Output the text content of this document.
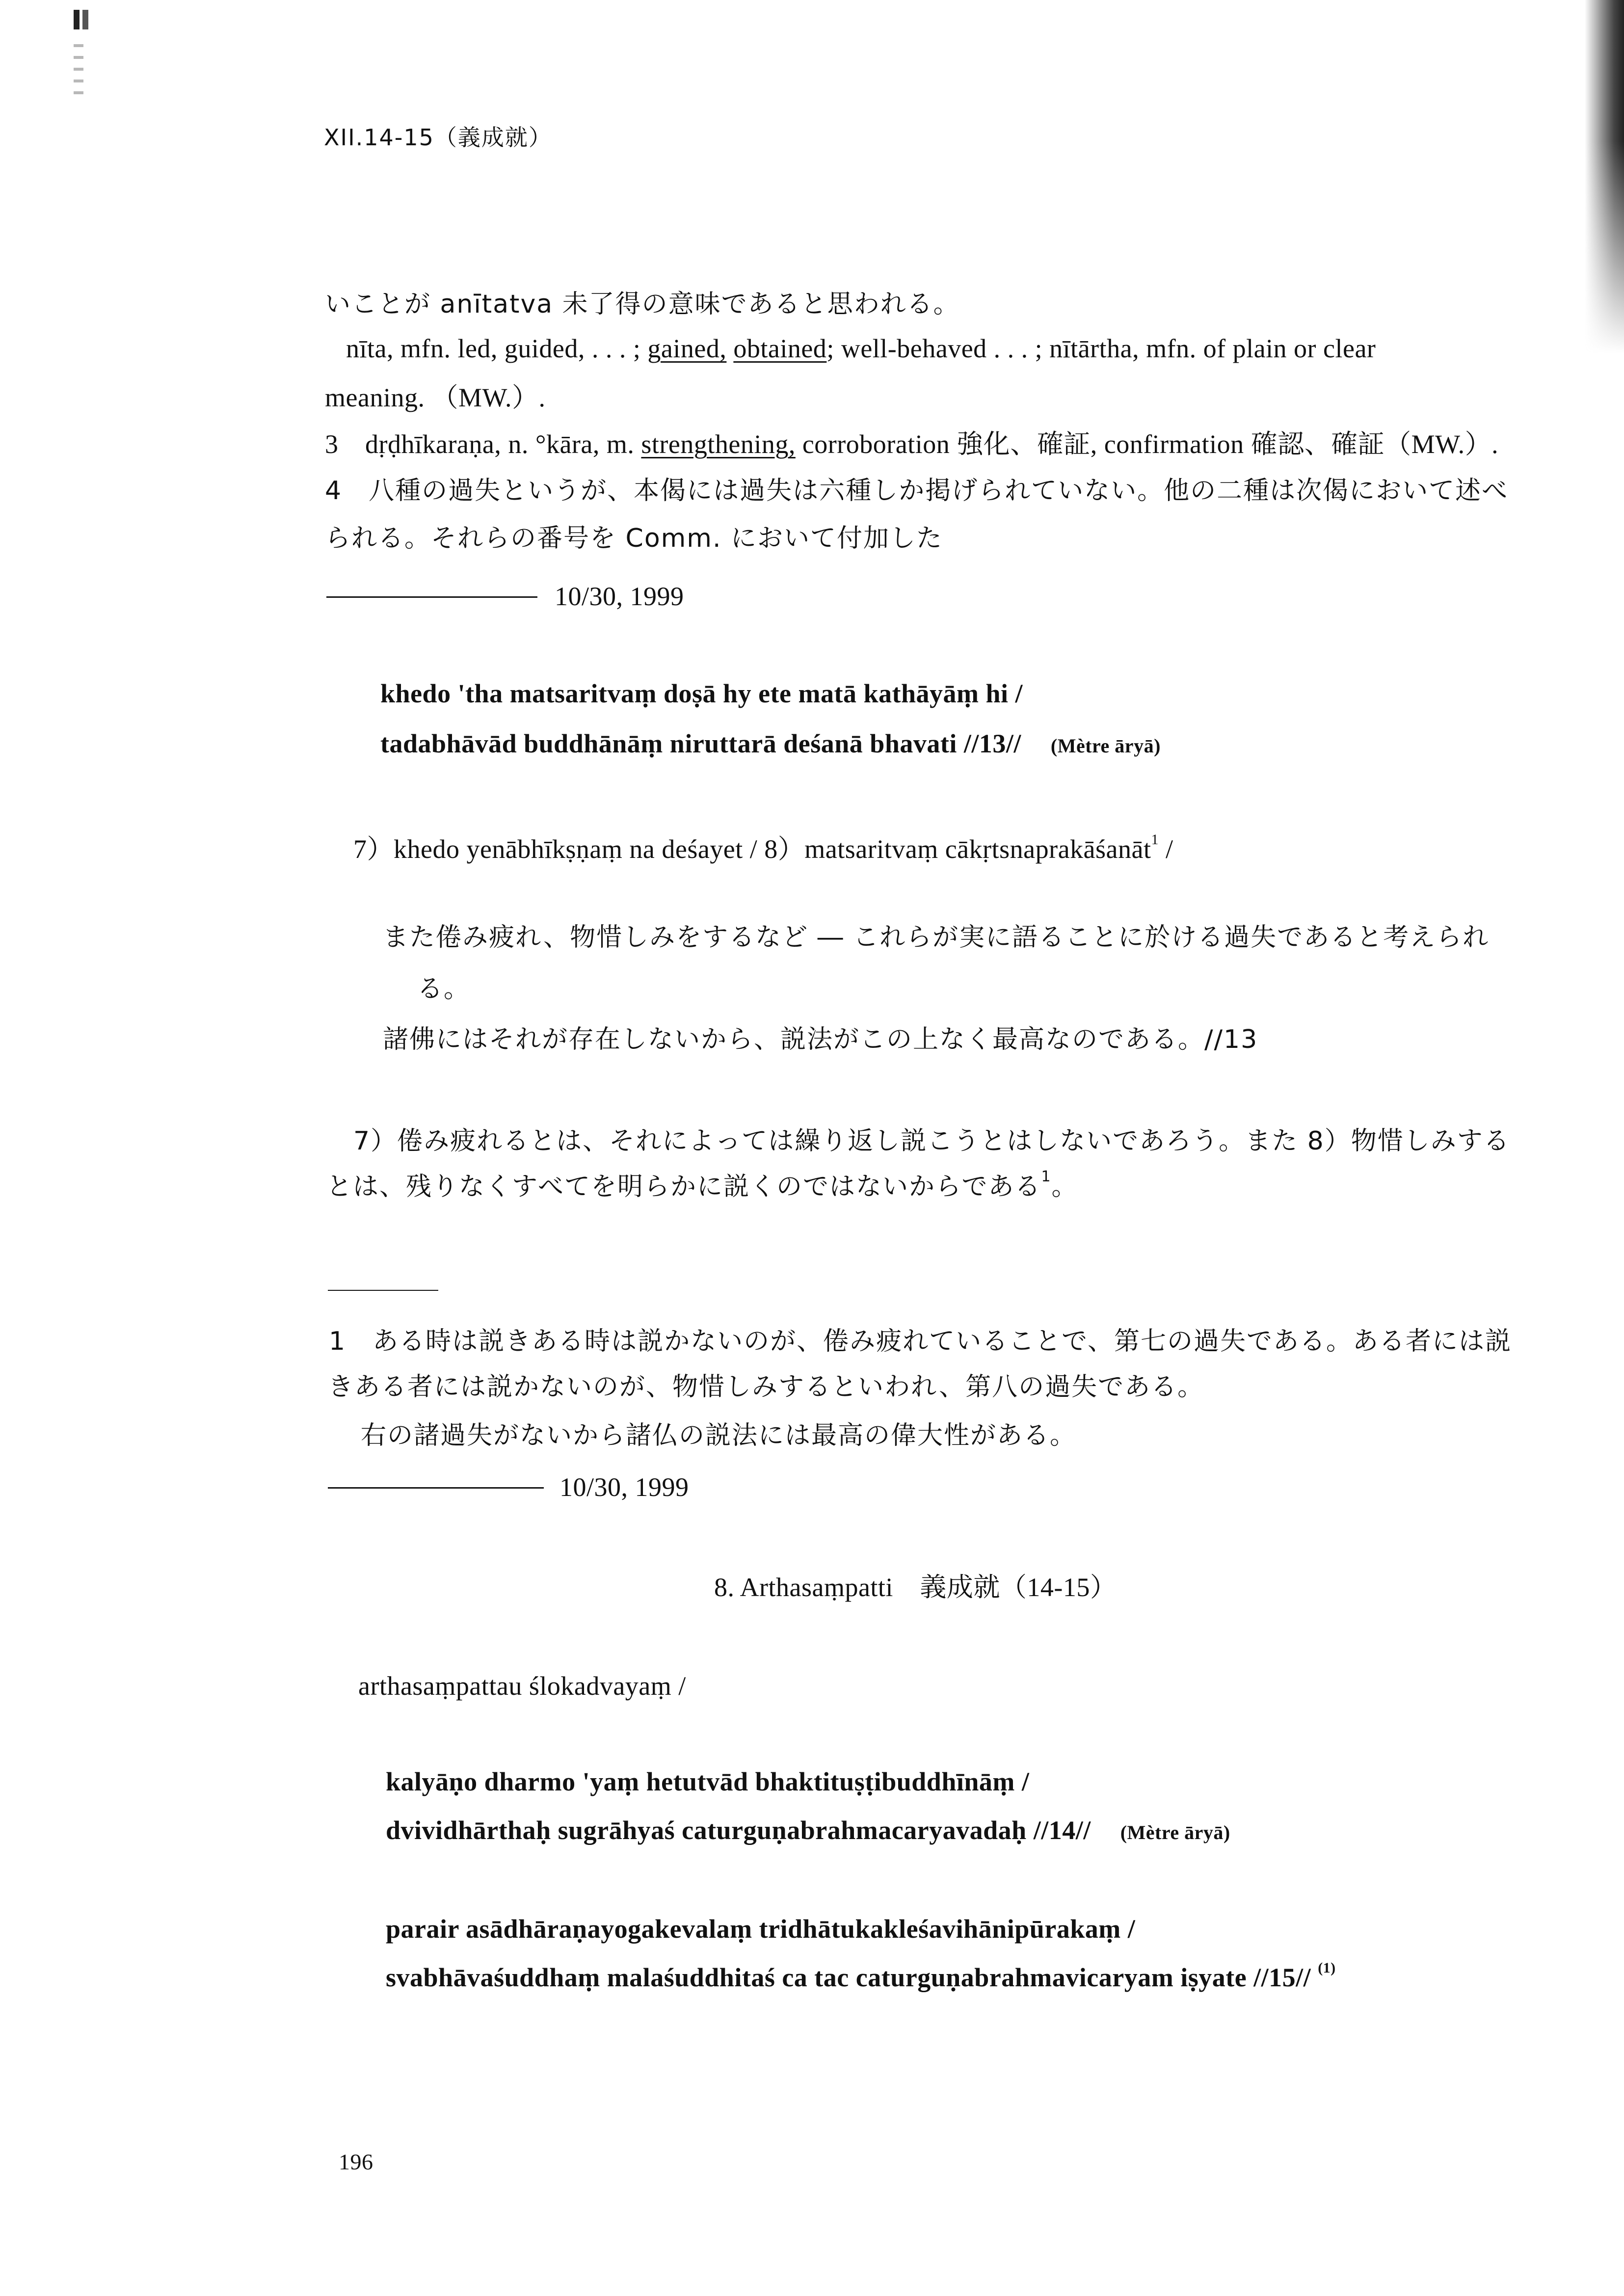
XII.14-15（義成就）
いことが anītatva 未了得の意味であると思われる。
nīta, mfn. led, guided, . . . ; gained, obtained; well-behaved . . . ; nītārtha, mfn. of plain or clear
meaning. （MW.）.
3　dṛḍhīkaraṇa, n. °kāra, m. strengthening, corroboration 強化、確証, confirmation 確認、確証（MW.）.
4　八種の過失というが、本偈には過失は六種しか掲げられていない。他の二種は次偈において述べ
られる。それらの番号を Comm. において付加した
10/30, 1999
khedo 'tha matsaritvaṃ doṣā hy ete matā kathāyāṃ hi /
tadabhāvād buddhānāṃ niruttarā deśanā bhavati //13// (Mètre āryā)
7）khedo yenābhīkṣṇaṃ na deśayet / 8）matsaritvaṃ cākṛtsnaprakāśanāt$^1$ /
また倦み疲れ、物惜しみをするなど ― これらが実に語ることに於ける過失であると考えられ
る。
諸佛にはそれが存在しないから、説法がこの上なく最高なのである。//13
7）倦み疲れるとは、それによっては繰り返し説こうとはしないであろう。また 8）物惜しみする
とは、残りなくすべてを明らかに説くのではないからである$^1$。
1　ある時は説きある時は説かないのが、倦み疲れていることで、第七の過失である。ある者には説
きある者には説かないのが、物惜しみするといわれ、第八の過失である。
右の諸過失がないから諸仏の説法には最高の偉大性がある。
10/30, 1999
8. Arthasaṃpatti　義成就（14-15）
arthasaṃpattau ślokadvayaṃ /
kalyāṇo dharmo 'yaṃ hetutvād bhaktituṣṭibuddhīnāṃ /
dvividhārthaḥ sugrāhyaś caturguṇabrahmacaryavadaḥ //14// (Mètre āryā)
parair asādhāraṇayogakevalaṃ tridhātukakleśavihānipūrakaṃ /
svabhāvaśuddhaṃ malaśuddhitaś ca tac caturguṇabrahmavicaryam iṣyate //15// $^{(1)}$
196
